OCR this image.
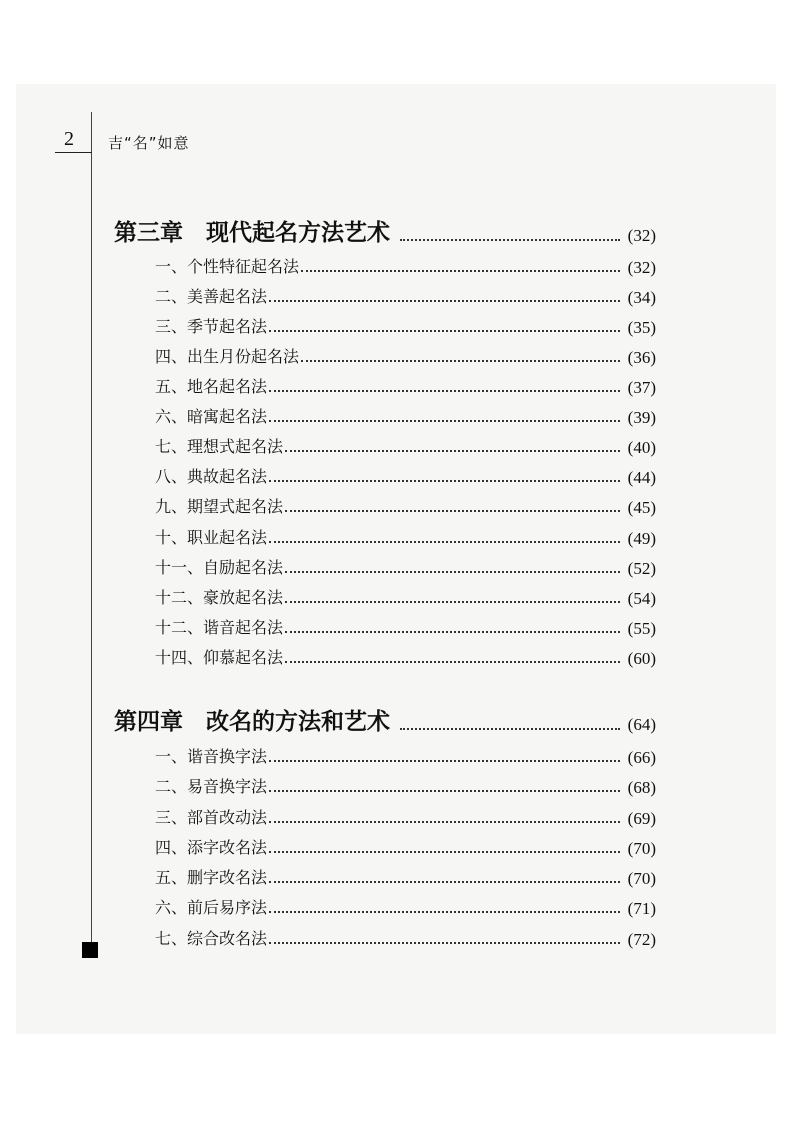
2 吉“名”如意
第三章　现代起名方法艺术	(32)
一、个性特征起名法	(32)
二、美善起名法	(34)
三、季节起名法	(35)
四、出生月份起名法	(36)
五、地名起名法	(37)
六、暗寓起名法	(39)
七、理想式起名法	(40)
八、典故起名法	(44)
九、期望式起名法	(45)
十、职业起名法	(49)
十一、自励起名法	(52)
十二、豪放起名法	(54)
十二、谐音起名法	(55)
十四、仰慕起名法	(60)
第四章　改名的方法和艺术	(64)
一、谐音换字法	(66)
二、易音换字法	(68)
三、部首改动法	(69)
四、添字改名法	(70)
五、删字改名法	(70)
六、前后易序法	(71)
七、综合改名法	(72)
